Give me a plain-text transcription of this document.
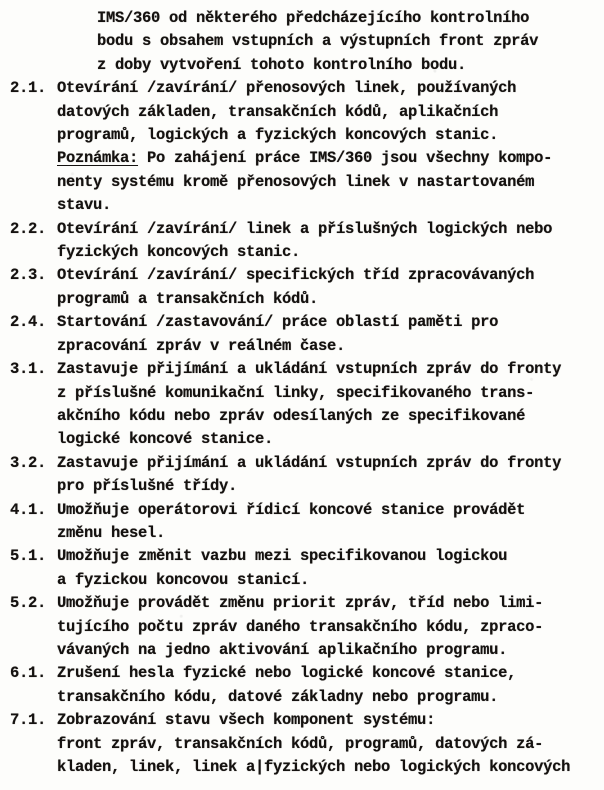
IMS/360 od některého předcházejícího kontrolního
bodu s obsahem vstupních a výstupních front zpráv
z doby vytvoření tohoto kontrolního bodu.
2.1. Otevírání /zavírání/ přenosových linek, používaných
datových základen, transakčních kódů, aplikačních
programů, logických a fyzických koncových stanic.
Poznámka: Po zahájení práce IMS/360 jsou všechny kompo-
nenty systému kromě přenosových linek v nastartovaném
stavu.
2.2. Otevírání /zavírání/ linek a příslušných logických nebo
fyzických koncových stanic.
2.3. Otevírání /zavírání/ specifických tříd zpracovávaných
programů a transakčních kódů.
2.4. Startování /zastavování/ práce oblastí paměti pro
zpracování zpráv v reálném čase.
3.1. Zastavuje přijímání a ukládání vstupních zpráv do fronty
z příslušné komunikační linky, specifikovaného trans-
akčního kódu nebo zpráv odesílaných ze specifikované
logické koncové stanice.
3.2. Zastavuje přijímání a ukládání vstupních zpráv do fronty
pro příslušné třídy.
4.1. Umožňuje operátorovi řídicí koncové stanice provádět
změnu hesel.
5.1. Umožňuje změnit vazbu mezi specifikovanou logickou
a fyzickou koncovou stanicí.
5.2. Umožňuje provádět změnu priorit zpráv, tříd nebo limi-
tujícího počtu zpráv daného transakčního kódu, zpraco-
vávaných na jedno aktivování aplikačního programu.
6.1. Zrušení hesla fyzické nebo logické koncové stanice,
transakčního kódu, datové základny nebo programu.
7.1. Zobrazování stavu všech komponent systému:
front zpráv, transakčních kódů, programů, datových zá-
kladen, linek, linek a|fyzických nebo logických koncových
